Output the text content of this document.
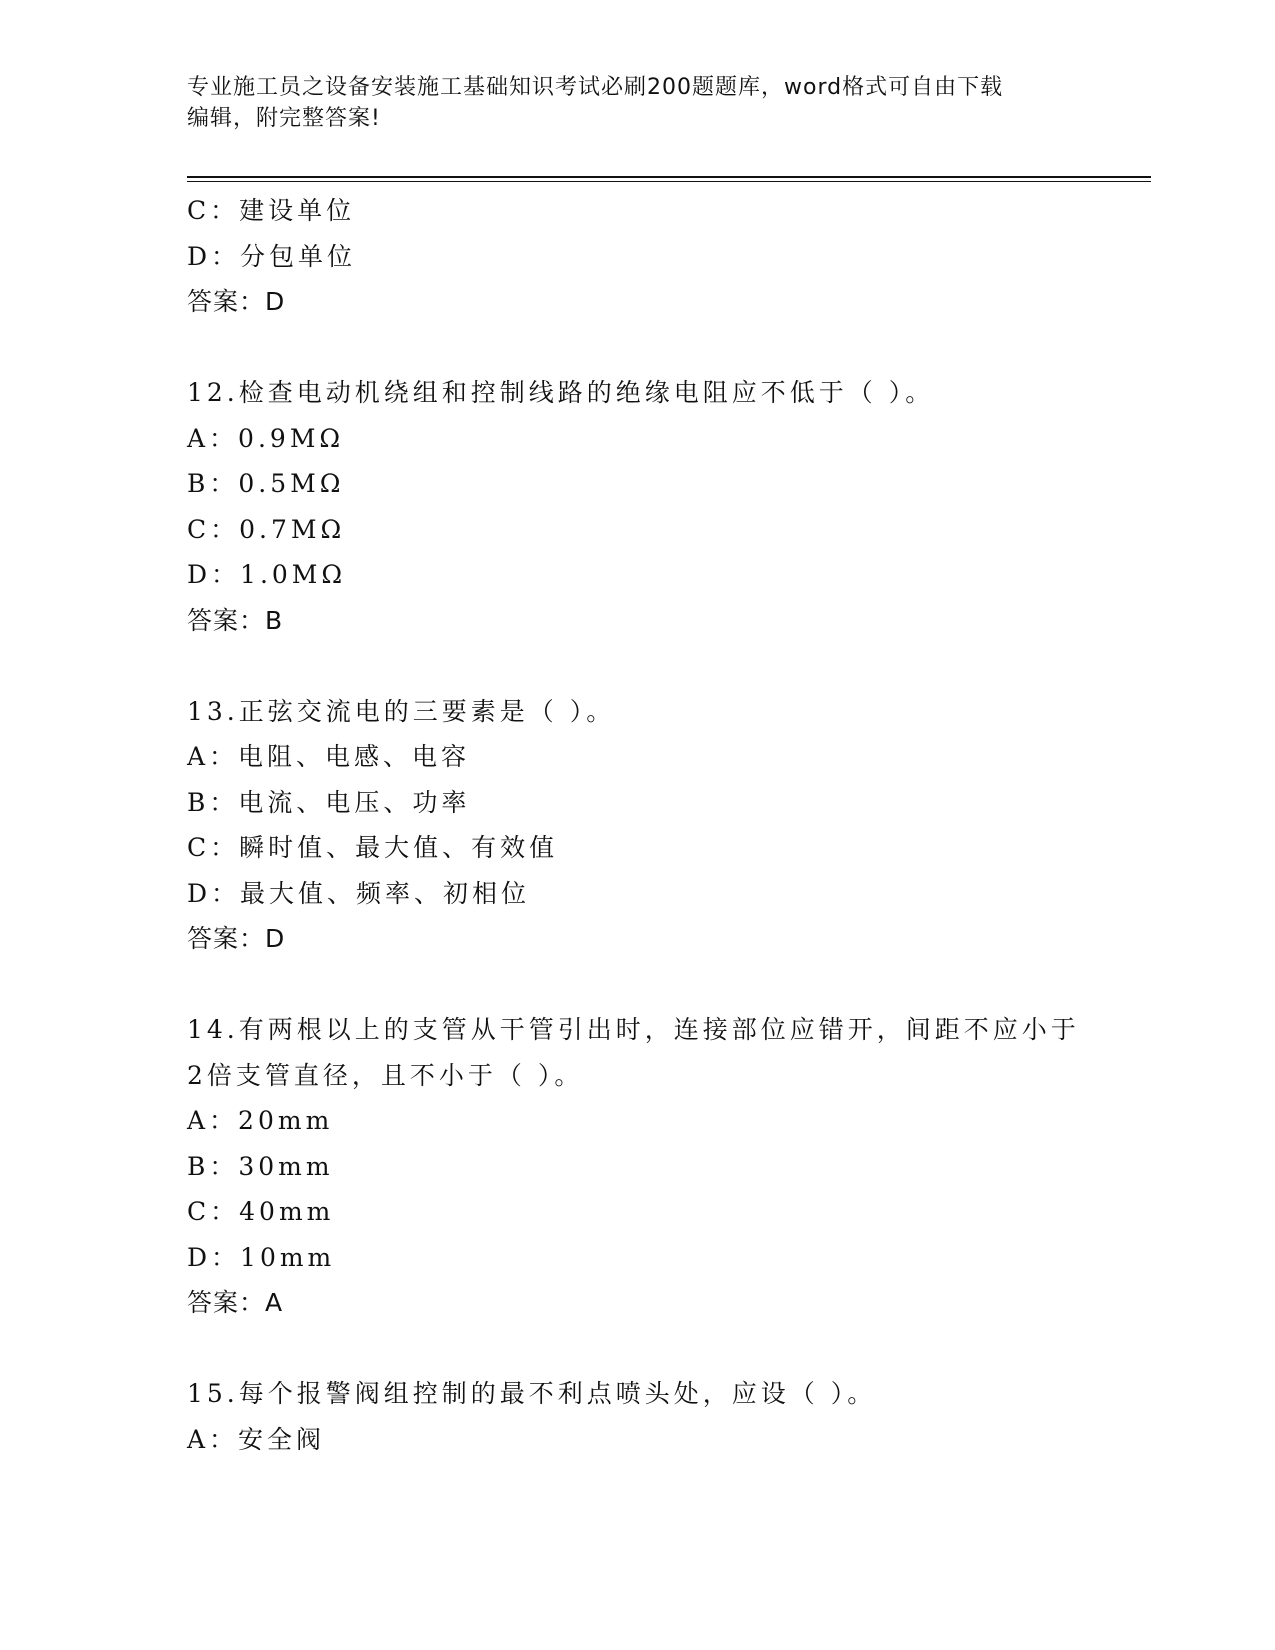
专业施工员之设备安装施工基础知识考试必刷200题题库，word格式可自由下载
编辑，附完整答案!
C：建设单位
D：分包单位
答案：D
12.检查电动机绕组和控制线路的绝缘电阻应不低于（ ）。
A：0.9MΩ
B：0.5MΩ
C：0.7MΩ
D：1.0MΩ
答案：B
13.正弦交流电的三要素是（ ）。
A：电阻、电感、电容
B：电流、电压、功率
C：瞬时值、最大值、有效值
D：最大值、频率、初相位
答案：D
14.有两根以上的支管从干管引出时，连接部位应错开，间距不应小于
2倍支管直径，且不小于（ ）。
A：20mm
B：30mm
C：40mm
D：10mm
答案：A
15.每个报警阀组控制的最不利点喷头处，应设（ ）。
A：安全阀
